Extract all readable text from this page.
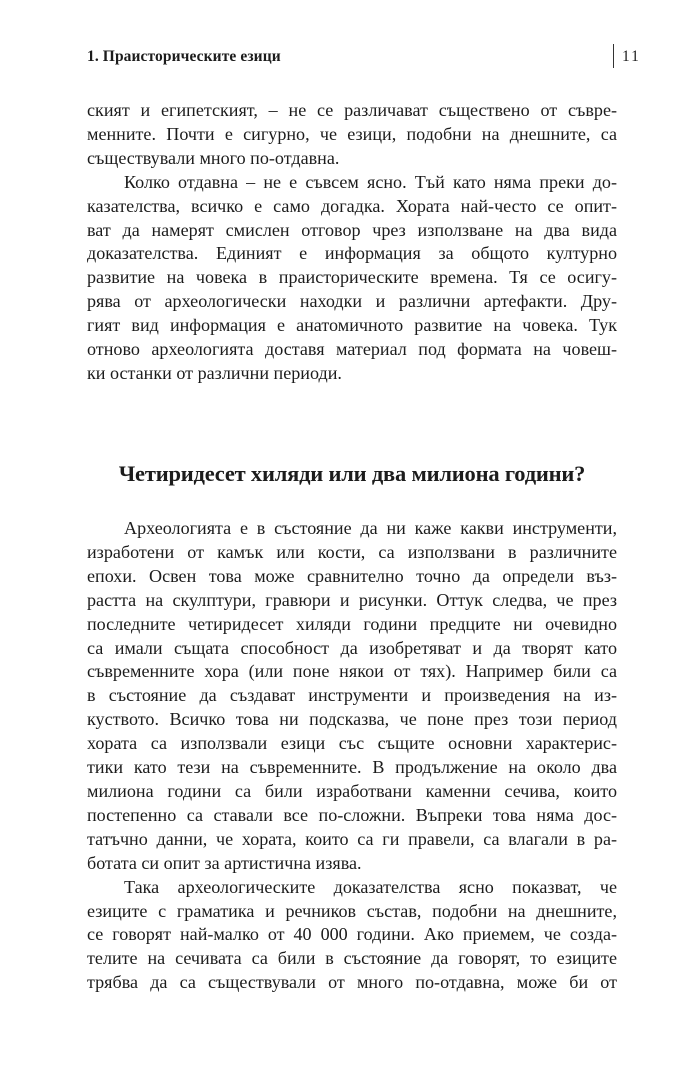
1. Праисторическите езици	11
ският и египетският, – не се различават съществено от съвре-
менните. Почти е сигурно, че езици, подобни на днешните, са
съществували много по-отдавна.
Колко отдавна – не е съвсем ясно. Тъй като няма преки до-
казателства, всичко е само догадка. Хората най-често се опит-
ват да намерят смислен отговор чрез използване на два вида
доказателства. Единият е информация за общото културно
развитие на човека в праисторическите времена. Тя се осигу-
рява от археологически находки и различни артефакти. Дру-
гият вид информация е анатомичното развитие на човека. Тук
отново археологията доставя материал под формата на човеш-
ки останки от различни периоди.
Четиридесет хиляди или два милиона години?
Археологията е в състояние да ни каже какви инструменти,
изработени от камък или кости, са използвани в различните
епохи. Освен това може сравнително точно да определи въз-
растта на скулптури, гравюри и рисунки. Оттук следва, че през
последните четиридесет хиляди години предците ни очевидно
са имали същата способност да изобретяват и да творят като
съвременните хора (или поне някои от тях). Например били са
в състояние да създават инструменти и произведения на из-
куството. Всичко това ни подсказва, че поне през този период
хората са използвали езици със същите основни характерис-
тики като тези на съвременните. В продължение на около два
милиона години са били изработвани каменни сечива, които
постепенно са ставали все по-сложни. Въпреки това няма дос-
татъчно данни, че хората, които са ги правели, са влагали в ра-
ботата си опит за артистична изява.
Така археологическите доказателства ясно показват, че
езиците с граматика и речников състав, подобни на днешните,
се говорят най-малко от 40 000 години. Ако приемем, че созда-
телите на сечивата са били в състояние да говорят, то езиците
трябва да са съществували от много по-отдавна, може би от
